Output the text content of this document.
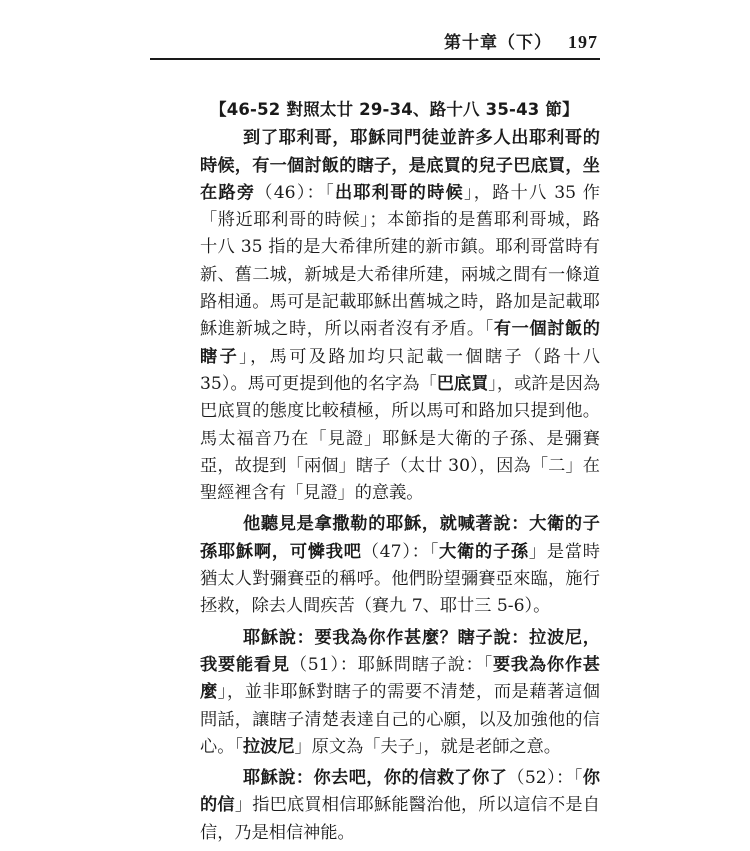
第十章（下） 197
【46-52 對照太廿 29-34、路十八 35-43 節】

到了耶利哥，耶穌同門徒並許多人出耶利哥的時候，有一個討飯的瞎子，是底買的兒子巴底買，坐在路旁（46）：「出耶利哥的時候」，路十八 35 作「將近耶利哥的時候」；本節指的是舊耶利哥城，路十八 35 指的是大希律所建的新市鎮。耶利哥當時有新、舊二城，新城是大希律所建，兩城之間有一條道路相通。馬可是記載耶穌出舊城之時，路加是記載耶穌進新城之時，所以兩者沒有矛盾。「有一個討飯的瞎子」，馬可及路加均只記載一個瞎子（路十八 35）。馬可更提到他的名字為「巴底買」，或許是因為巴底買的態度比較積極，所以馬可和路加只提到他。馬太福音乃在「見證」耶穌是大衛的子孫、是彌賽亞，故提到「兩個」瞎子（太廿 30），因為「二」在聖經裡含有「見證」的意義。

他聽見是拿撒勒的耶穌，就喊著說：大衛的子孫耶穌啊，可憐我吧（47）：「大衛的子孫」是當時猶太人對彌賽亞的稱呼。他們盼望彌賽亞來臨，施行拯救，除去人間疾苦（賽九 7、耶廿三 5-6）。

耶穌說：要我為你作甚麼？瞎子說：拉波尼，我要能看見（51）：耶穌問瞎子說：「要我為你作甚麼」，並非耶穌對瞎子的需要不清楚，而是藉著這個問話，讓瞎子清楚表達自己的心願，以及加強他的信心。「拉波尼」原文為「夫子」，就是老師之意。

耶穌說：你去吧，你的信救了你了（52）：「你的信」指巴底買相信耶穌能醫治他，所以這信不是自信，乃是相信神能。
